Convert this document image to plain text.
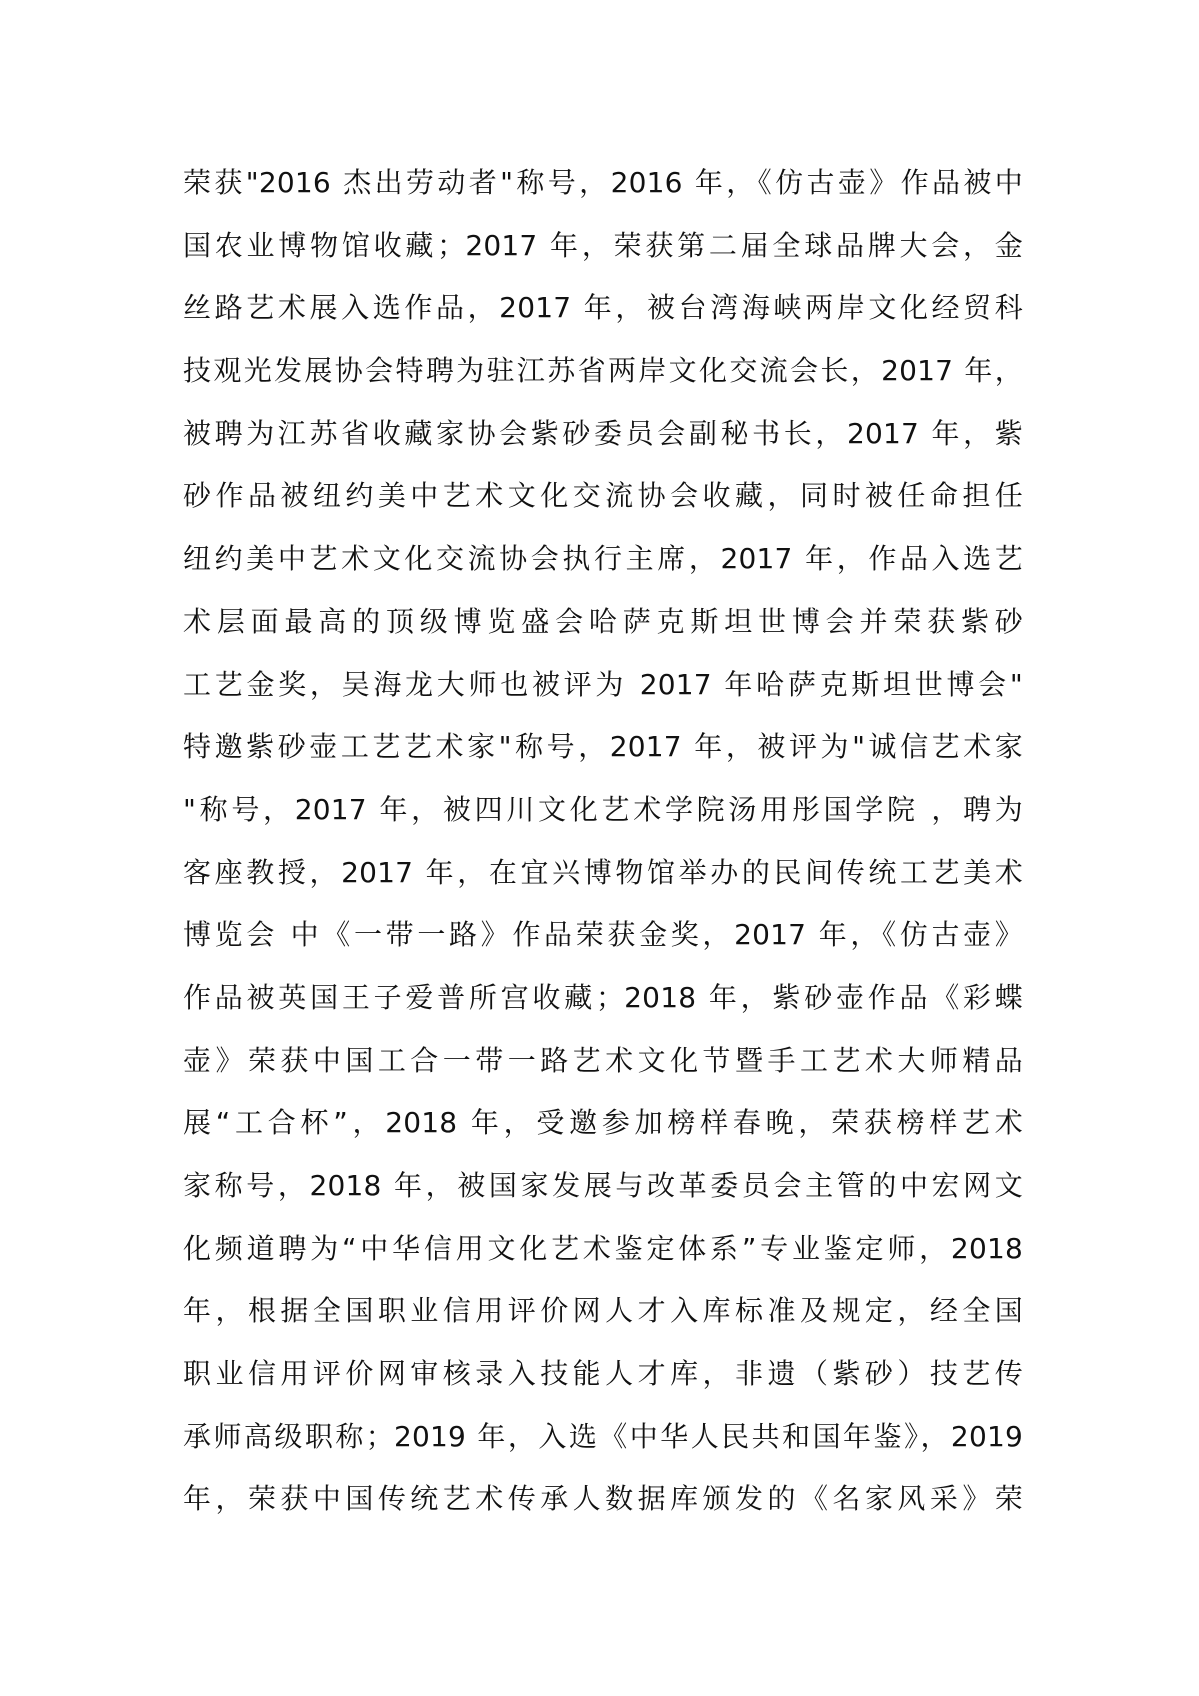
荣获"2016 杰出劳动者"称号，2016 年，《仿古壶》作品被中
国农业博物馆收藏；2017 年，荣获第二届全球品牌大会，金
丝路艺术展入选作品，2017 年，被台湾海峡两岸文化经贸科
技观光发展协会特聘为驻江苏省两岸文化交流会长，2017 年，
被聘为江苏省收藏家协会紫砂委员会副秘书长，2017 年，紫
砂作品被纽约美中艺术文化交流协会收藏，同时被任命担任
纽约美中艺术文化交流协会执行主席，2017 年，作品入选艺
术层面最高的顶级博览盛会哈萨克斯坦世博会并荣获紫砂
工艺金奖，吴海龙大师也被评为 2017 年哈萨克斯坦世博会"
特邀紫砂壶工艺艺术家"称号，2017 年，被评为"诚信艺术家
"称号，2017 年，被四川文化艺术学院汤用彤国学院 ，聘为
客座教授，2017 年，在宜兴博物馆举办的民间传统工艺美术
博览会 中《一带一路》作品荣获金奖，2017 年，《仿古壶》
作品被英国王子爱普所宫收藏；2018 年，紫砂壶作品《彩蝶
壶》荣获中国工合一带一路艺术文化节暨手工艺术大师精品
展“工合杯”，2018 年，受邀参加榜样春晚，荣获榜样艺术
家称号，2018 年，被国家发展与改革委员会主管的中宏网文
化频道聘为“中华信用文化艺术鉴定体系”专业鉴定师，2018
年，根据全国职业信用评价网人才入库标准及规定，经全国
职业信用评价网审核录入技能人才库，非遗（紫砂）技艺传
承师高级职称；2019 年，入选《中华人民共和国年鉴》，2019
年，荣获中国传统艺术传承人数据库颁发的《名家风采》荣
